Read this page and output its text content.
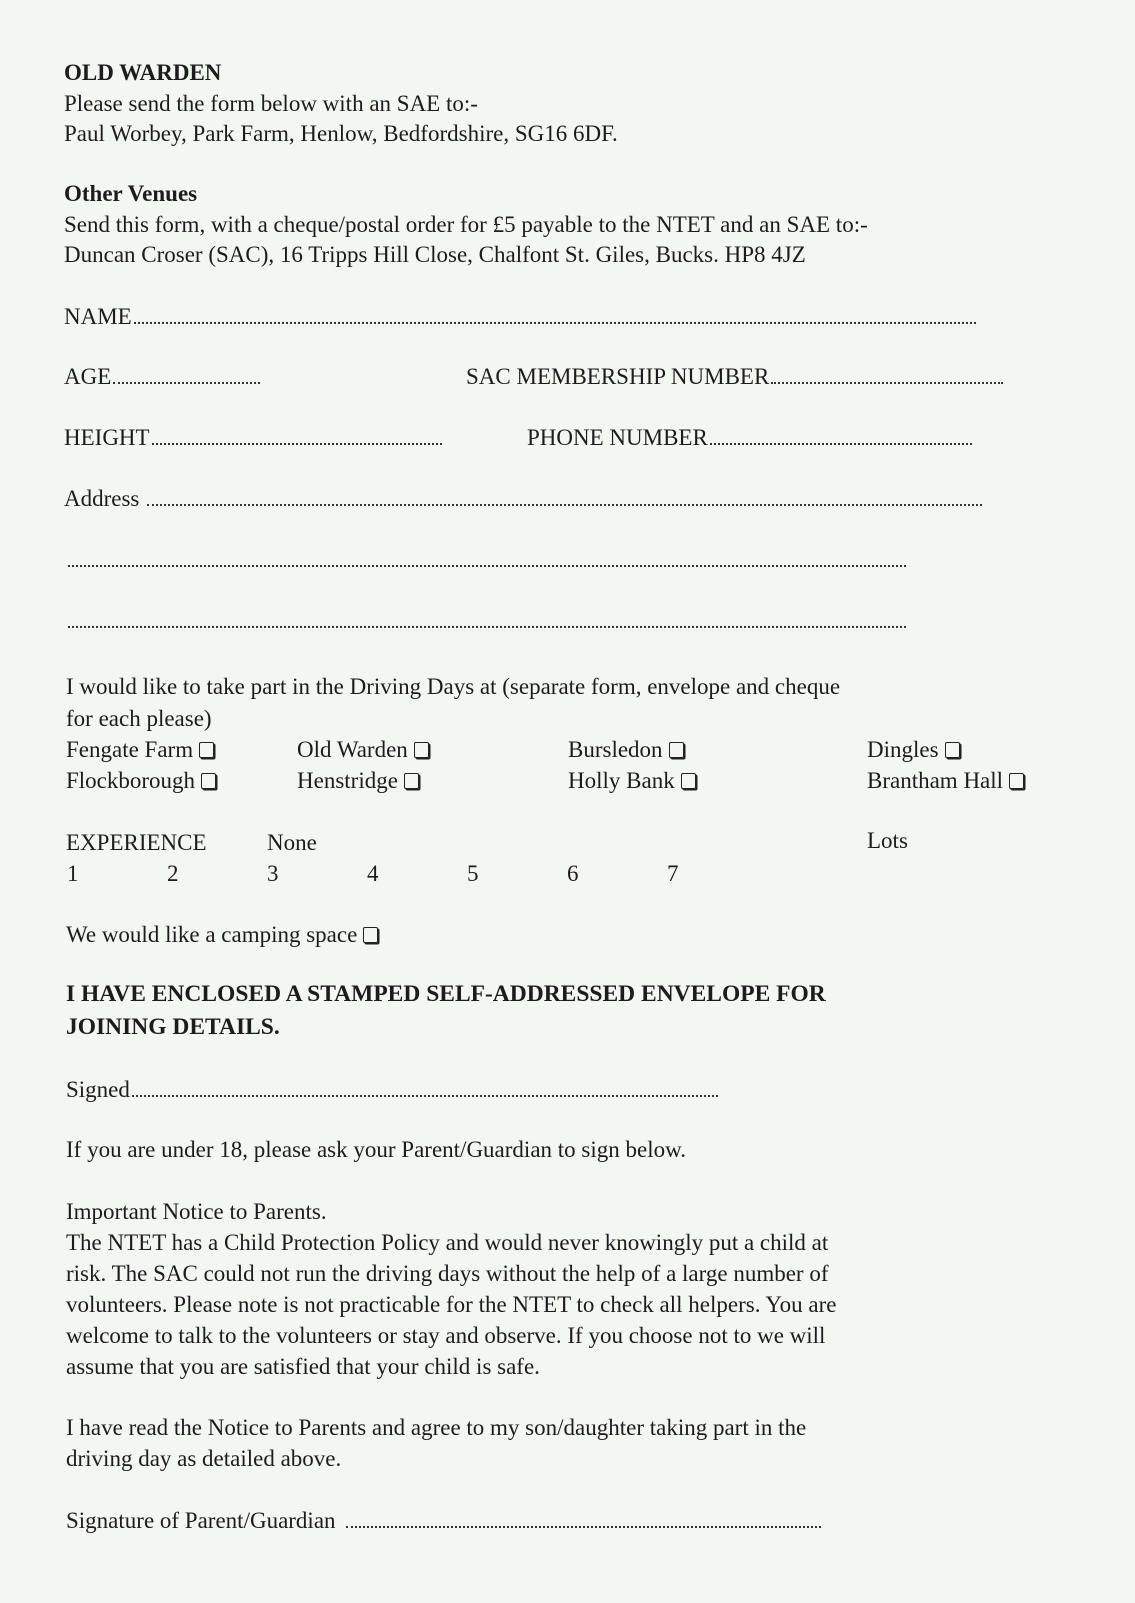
OLD WARDEN
Please send the form below with an SAE to:-
Paul Worbey, Park Farm, Henlow, Bedfordshire, SG16 6DF.
Other Venues
Send this form, with a cheque/postal order for £5 payable to the NTET and an SAE to:-
Duncan Croser (SAC), 16 Tripps Hill Close, Chalfont St. Giles, Bucks. HP8 4JZ
NAME
AGE	SAC MEMBERSHIP NUMBER
HEIGHT	PHONE NUMBER
Address
I would like to take part in the Driving Days at (separate form, envelope and cheque
for each please)
Fengate Farm	Old Warden	Bursledon	Dingles
Flockborough	Henstridge	Holly Bank	Brantham Hall
EXPERIENCE	None	Lots
1	2	3	4	5	6	7
We would like a camping space
I HAVE ENCLOSED A STAMPED SELF-ADDRESSED ENVELOPE FOR
JOINING DETAILS.
Signed
If you are under 18, please ask your Parent/Guardian to sign below.
Important Notice to Parents.
The NTET has a Child Protection Policy and would never knowingly put a child at
risk. The SAC could not run the driving days without the help of a large number of
volunteers. Please note is not practicable for the NTET to check all helpers. You are
welcome to talk to the volunteers or stay and observe. If you choose not to we will
assume that you are satisfied that your child is safe.
I have read the Notice to Parents and agree to my son/daughter taking part in the
driving day as detailed above.
Signature of Parent/Guardian
